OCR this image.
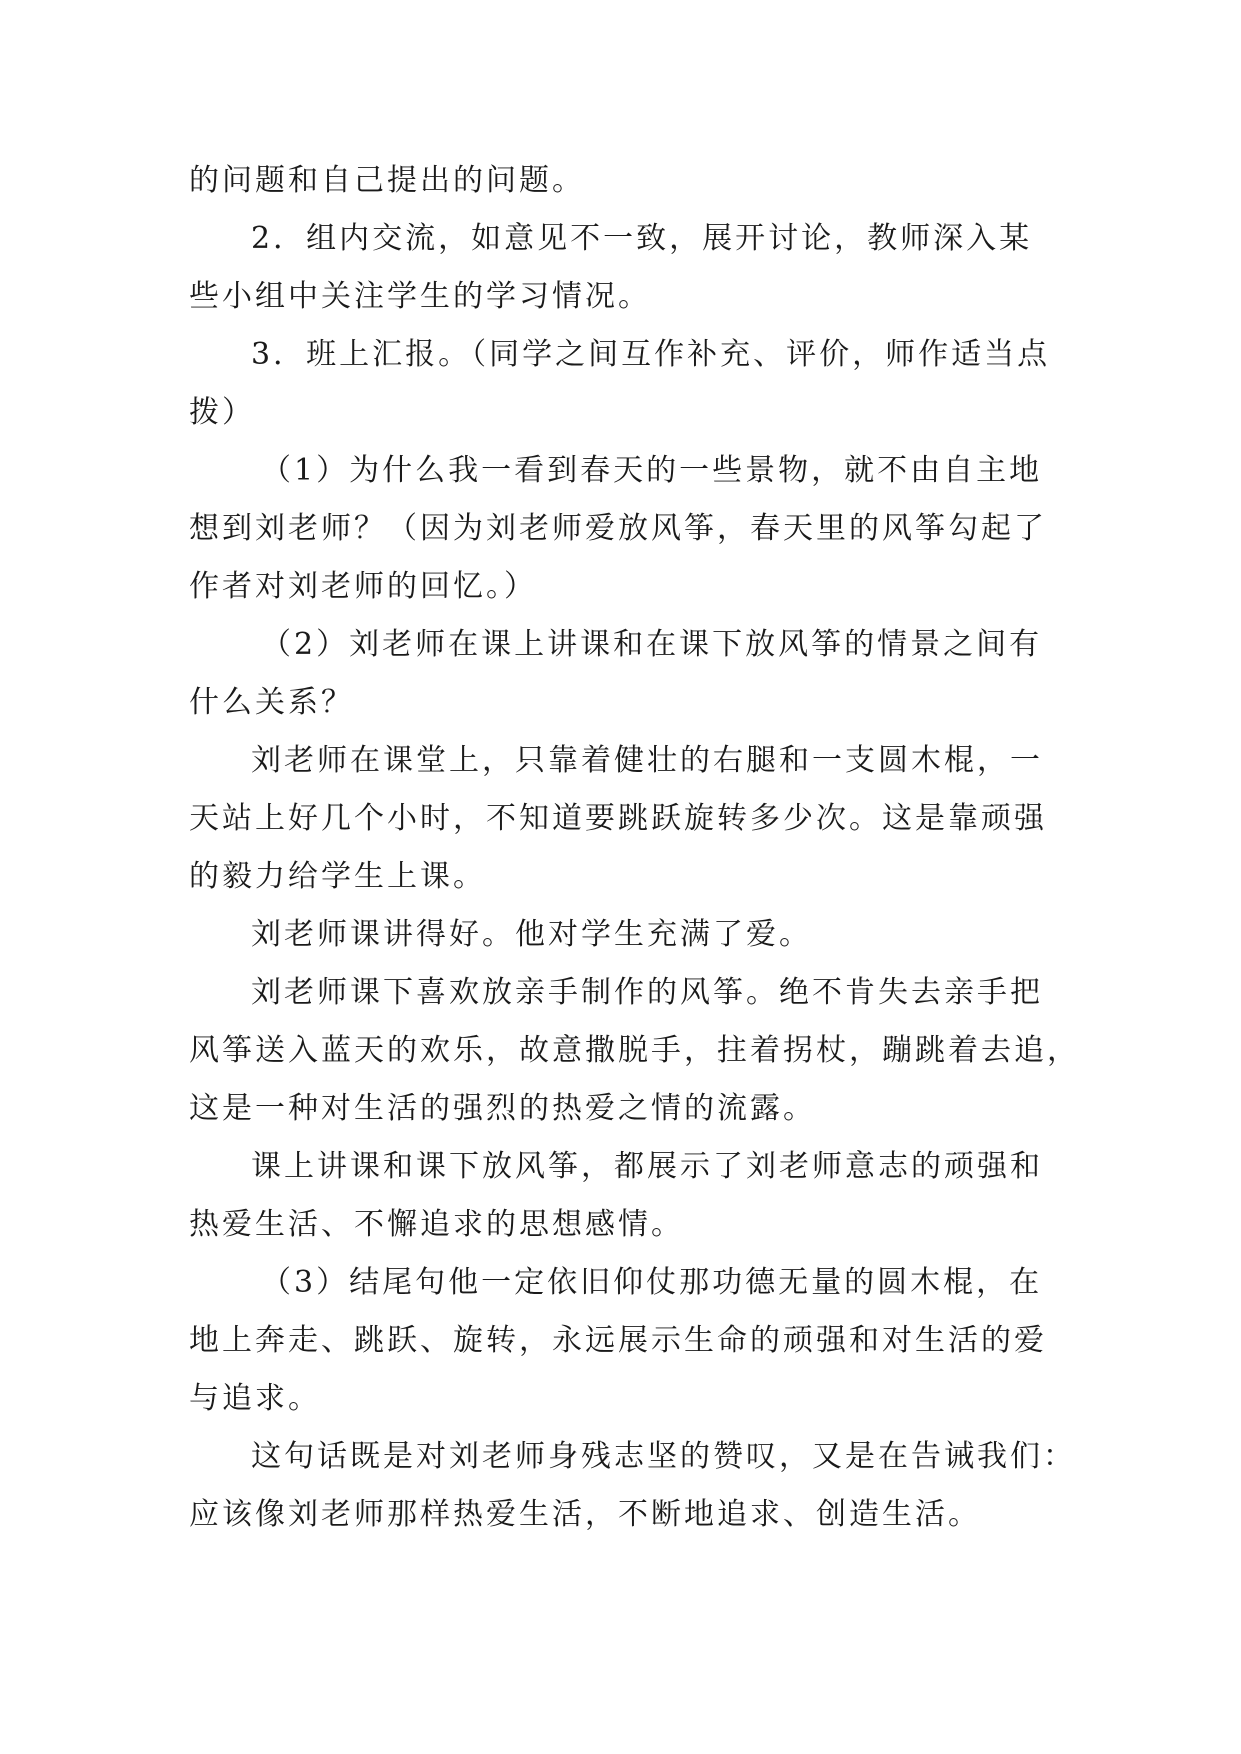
的问题和自己提出的问题。
2．组内交流，如意见不一致，展开讨论，教师深入某
些小组中关注学生的学习情况。
3．班上汇报。（同学之间互作补充、评价，师作适当点
拨）
（1）为什么我一看到春天的一些景物，就不由自主地
想到刘老师？（因为刘老师爱放风筝，春天里的风筝勾起了
作者对刘老师的回忆。）
（2）刘老师在课上讲课和在课下放风筝的情景之间有
什么关系？
刘老师在课堂上，只靠着健壮的右腿和一支圆木棍，一
天站上好几个小时，不知道要跳跃旋转多少次。这是靠顽强
的毅力给学生上课。
刘老师课讲得好。他对学生充满了爱。
刘老师课下喜欢放亲手制作的风筝。绝不肯失去亲手把
风筝送入蓝天的欢乐，故意撒脱手，拄着拐杖，蹦跳着去追，
这是一种对生活的强烈的热爱之情的流露。
课上讲课和课下放风筝，都展示了刘老师意志的顽强和
热爱生活、不懈追求的思想感情。
（3）结尾句他一定依旧仰仗那功德无量的圆木棍，在
地上奔走、跳跃、旋转，永远展示生命的顽强和对生活的爱
与追求。
这句话既是对刘老师身残志坚的赞叹，又是在告诫我们：
应该像刘老师那样热爱生活，不断地追求、创造生活。
